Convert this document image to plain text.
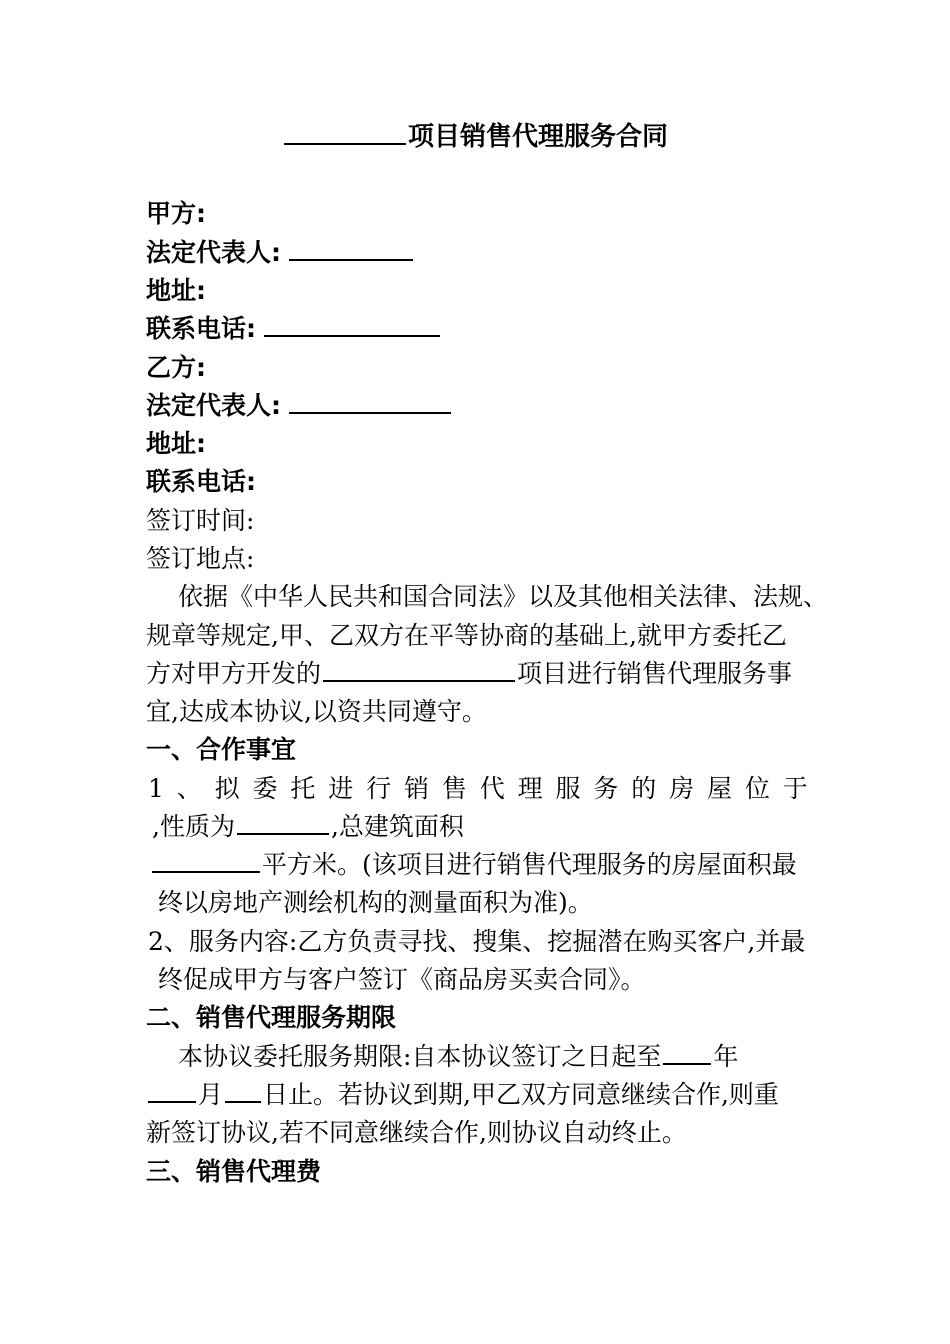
项目销售代理服务合同
甲方:
法定代表人:
地址:
联系电话:
乙方:
法定代表人:
地址:
联系电话:
签订时间:
签订地点:
依据《中华人民共和国合同法》以及其他相关法律、法规、
规章等规定,甲、乙双方在平等协商的基础上,就甲方委托乙
方对甲方开发的	项目进行销售代理服务事
宜,达成本协议,以资共同遵守。
一、合作事宜
1 、 拟 委 托 进 行 销 售 代 理 服 务 的 房 屋 位 于
,性质为	,总建筑面积
平方米。(该项目进行销售代理服务的房屋面积最
终以房地产测绘机构的测量面积为准)。
2、服务内容:乙方负责寻找、搜集、挖掘潜在购买客户,并最
终促成甲方与客户签订《商品房买卖合同》。
二、销售代理服务期限
本协议委托服务期限:自本协议签订之日起至 年
月 日止。若协议到期,甲乙双方同意继续合作,则重
新签订协议,若不同意继续合作,则协议自动终止。
三、销售代理费
